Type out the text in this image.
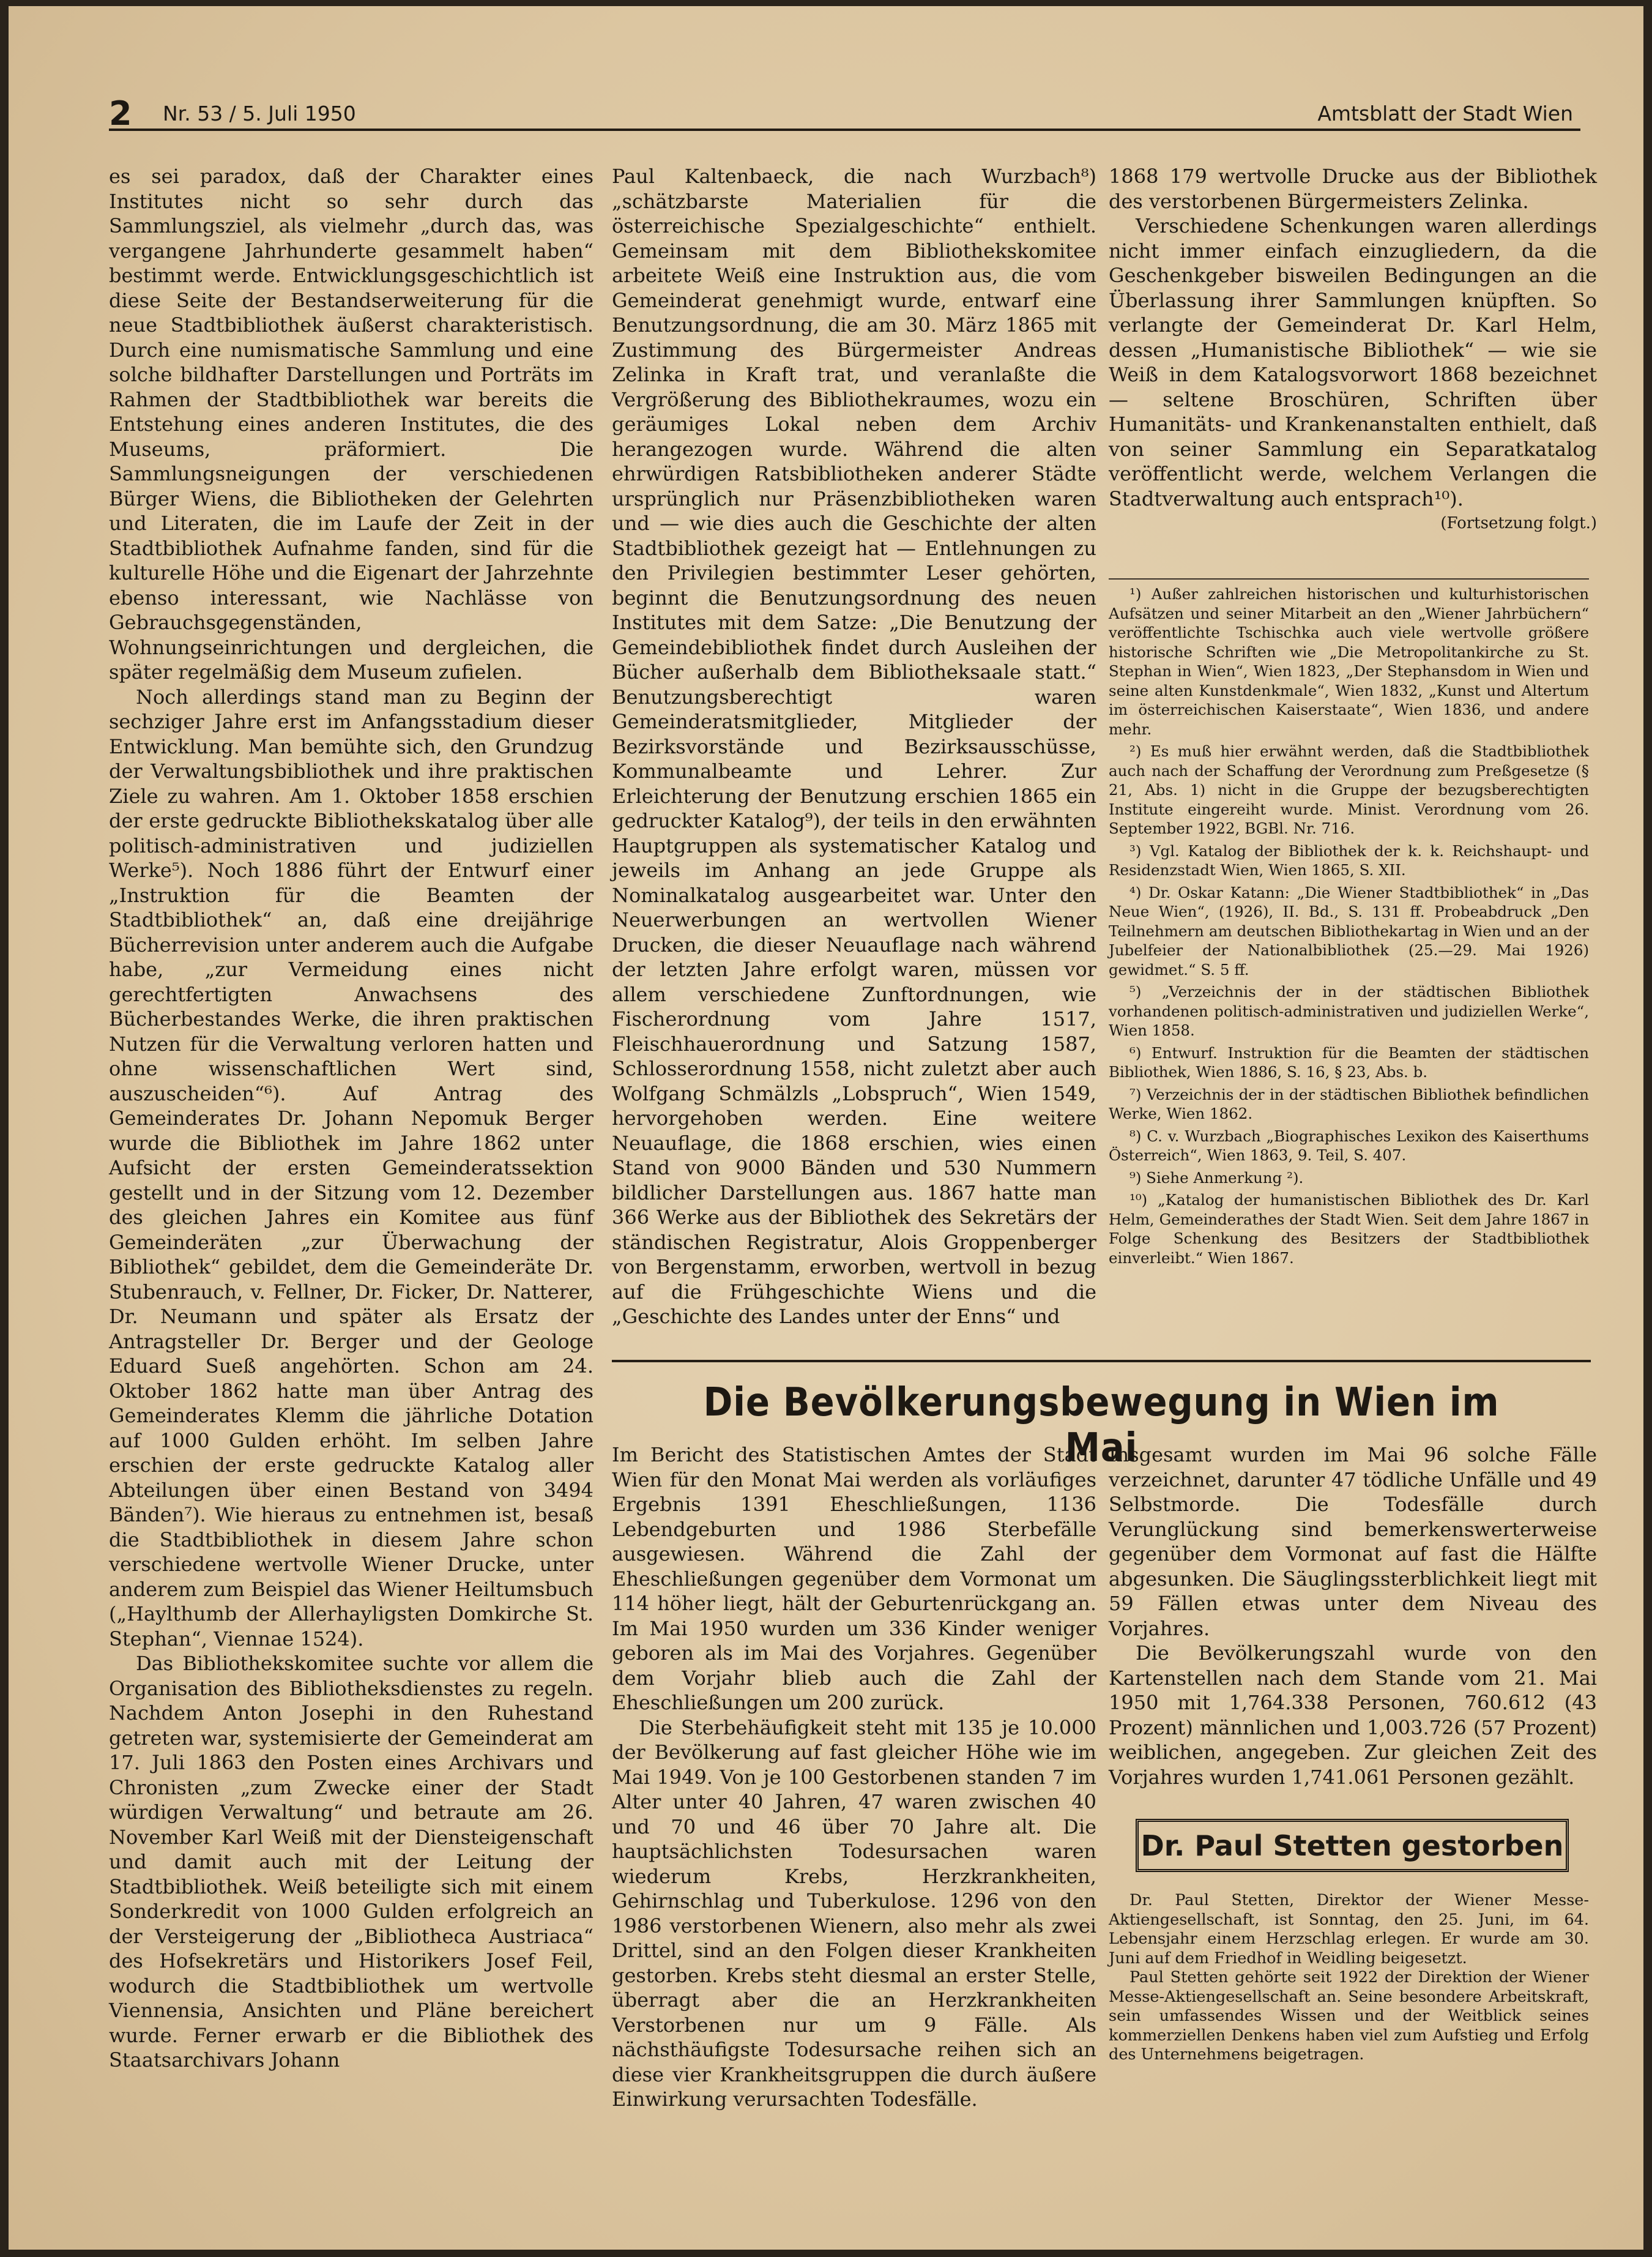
2 Nr. 53 / 5. Juli 1950	Amtsblatt der Stadt Wien

es sei paradox, daß der Charakter eines Institutes nicht so sehr durch das Sammlungsziel, als vielmehr „durch das, was vergangene Jahrhunderte gesammelt haben“ bestimmt werde. Entwicklungsgeschichtlich ist diese Seite der Bestandserweiterung für die neue Stadtbibliothek äußerst charakteristisch. Durch eine numismatische Sammlung und eine solche bildhafter Darstellungen und Porträts im Rahmen der Stadtbibliothek war bereits die Entstehung eines anderen Institutes, die des Museums, präformiert. Die Sammlungsneigungen der verschiedenen Bürger Wiens, die Bibliotheken der Gelehrten und Literaten, die im Laufe der Zeit in der Stadtbibliothek Aufnahme fanden, sind für die kulturelle Höhe und die Eigenart der Jahrzehnte ebenso interessant, wie Nachlässe von Gebrauchsgegenständen, Wohnungseinrichtungen und dergleichen, die später regelmäßig dem Museum zufielen.

Noch allerdings stand man zu Beginn der sechziger Jahre erst im Anfangsstadium dieser Entwicklung. Man bemühte sich, den Grundzug der Verwaltungsbibliothek und ihre praktischen Ziele zu wahren. Am 1. Oktober 1858 erschien der erste gedruckte Bibliothekskatalog über alle politisch-administrativen und judiziellen Werke⁵). Noch 1886 führt der Entwurf einer „Instruktion für die Beamten der Stadtbibliothek“ an, daß eine dreijährige Bücherrevision unter anderem auch die Aufgabe habe, „zur Vermeidung eines nicht gerechtfertigten Anwachsens des Bücherbestandes Werke, die ihren praktischen Nutzen für die Verwaltung verloren hatten und ohne wissenschaftlichen Wert sind, auszuscheiden“⁶). Auf Antrag des Gemeinderates Dr. Johann Nepomuk Berger wurde die Bibliothek im Jahre 1862 unter Aufsicht der ersten Gemeinderatssektion gestellt und in der Sitzung vom 12. Dezember des gleichen Jahres ein Komitee aus fünf Gemeinderäten „zur Überwachung der Bibliothek“ gebildet, dem die Gemeinderäte Dr. Stubenrauch, v. Fellner, Dr. Ficker, Dr. Natterer, Dr. Neumann und später als Ersatz der Antragsteller Dr. Berger und der Geologe Eduard Sueß angehörten. Schon am 24. Oktober 1862 hatte man über Antrag des Gemeinderates Klemm die jährliche Dotation auf 1000 Gulden erhöht. Im selben Jahre erschien der erste gedruckte Katalog aller Abteilungen über einen Bestand von 3494 Bänden⁷). Wie hieraus zu entnehmen ist, besaß die Stadtbibliothek in diesem Jahre schon verschiedene wertvolle Wiener Drucke, unter anderem zum Beispiel das Wiener Heiltumsbuch („Haylthumb der Allerhayligsten Domkirche St. Stephan“, Viennae 1524).

Das Bibliothekskomitee suchte vor allem die Organisation des Bibliotheksdienstes zu regeln. Nachdem Anton Josephi in den Ruhestand getreten war, systemisierte der Gemeinderat am 17. Juli 1863 den Posten eines Archivars und Chronisten „zum Zwecke einer der Stadt würdigen Verwaltung“ und betraute am 26. November Karl Weiß mit der Diensteigenschaft und damit auch mit der Leitung der Stadtbibliothek. Weiß beteiligte sich mit einem Sonderkredit von 1000 Gulden erfolgreich an der Versteigerung der „Bibliotheca Austriaca“ des Hofsekretärs und Historikers Josef Feil, wodurch die Stadtbibliothek um wertvolle Viennensia, Ansichten und Pläne bereichert wurde. Ferner erwarb er die Bibliothek des Staatsarchivars Johann

Paul Kaltenbaeck, die nach Wurzbach⁸) „schätzbarste Materialien für die österreichische Spezialgeschichte“ enthielt. Gemeinsam mit dem Bibliothekskomitee arbeitete Weiß eine Instruktion aus, die vom Gemeinderat genehmigt wurde, entwarf eine Benutzungsordnung, die am 30. März 1865 mit Zustimmung des Bürgermeister Andreas Zelinka in Kraft trat, und veranlaßte die Vergrößerung des Bibliothekraumes, wozu ein geräumiges Lokal neben dem Archiv herangezogen wurde. Während die alten ehrwürdigen Ratsbibliotheken anderer Städte ursprünglich nur Präsenzbibliotheken waren und — wie dies auch die Geschichte der alten Stadtbibliothek gezeigt hat — Entlehnungen zu den Privilegien bestimmter Leser gehörten, beginnt die Benutzungsordnung des neuen Institutes mit dem Satze: „Die Benutzung der Gemeindebibliothek findet durch Ausleihen der Bücher außerhalb dem Bibliotheksaale statt.“ Benutzungsberechtigt waren Gemeinderatsmitglieder, Mitglieder der Bezirksvorstände und Bezirksausschüsse, Kommunalbeamte und Lehrer. Zur Erleichterung der Benutzung erschien 1865 ein gedruckter Katalog⁹), der teils in den erwähnten Hauptgruppen als systematischer Katalog und jeweils im Anhang an jede Gruppe als Nominalkatalog ausgearbeitet war. Unter den Neuerwerbungen an wertvollen Wiener Drucken, die dieser Neuauflage nach während der letzten Jahre erfolgt waren, müssen vor allem verschiedene Zunftordnungen, wie Fischerordnung vom Jahre 1517, Fleischhauerordnung und Satzung 1587, Schlosserordnung 1558, nicht zuletzt aber auch Wolfgang Schmälzls „Lobspruch“, Wien 1549, hervorgehoben werden. Eine weitere Neuauflage, die 1868 erschien, wies einen Stand von 9000 Bänden und 530 Nummern bildlicher Darstellungen aus. 1867 hatte man 366 Werke aus der Bibliothek des Sekretärs der ständischen Registratur, Alois Groppenberger von Bergenstamm, erworben, wertvoll in bezug auf die Frühgeschichte Wiens und die „Geschichte des Landes unter der Enns“ und

1868 179 wertvolle Drucke aus der Bibliothek des verstorbenen Bürgermeisters Zelinka.

Verschiedene Schenkungen waren allerdings nicht immer einfach einzugliedern, da die Geschenkgeber bisweilen Bedingungen an die Überlassung ihrer Sammlungen knüpften. So verlangte der Gemeinderat Dr. Karl Helm, dessen „Humanistische Bibliothek“ — wie sie Weiß in dem Katalogsvorwort 1868 bezeichnet — seltene Broschüren, Schriften über Humanitäts- und Krankenanstalten enthielt, daß von seiner Sammlung ein Separatkatalog veröffentlicht werde, welchem Verlangen die Stadtverwaltung auch entsprach¹⁰).

(Fortsetzung folgt.)

¹) Außer zahlreichen historischen und kulturhistorischen Aufsätzen und seiner Mitarbeit an den „Wiener Jahrbüchern“ veröffentlichte Tschischka auch viele wertvolle größere historische Schriften wie „Die Metropolitankirche zu St. Stephan in Wien“, Wien 1823, „Der Stephansdom in Wien und seine alten Kunstdenkmale“, Wien 1832, „Kunst und Altertum im österreichischen Kaiserstaate“, Wien 1836, und andere mehr.

²) Es muß hier erwähnt werden, daß die Stadtbibliothek auch nach der Schaffung der Verordnung zum Preßgesetze (§ 21, Abs. 1) nicht in die Gruppe der bezugsberechtigten Institute eingereiht wurde. Minist. Verordnung vom 26. September 1922, BGBl. Nr. 716.

³) Vgl. Katalog der Bibliothek der k. k. Reichshaupt- und Residenzstadt Wien, Wien 1865, S. XII.

⁴) Dr. Oskar Katann: „Die Wiener Stadtbibliothek“ in „Das Neue Wien“, (1926), II. Bd., S. 131 ff. Probeabdruck „Den Teilnehmern am deutschen Bibliothekartag in Wien und an der Jubelfeier der Nationalbibliothek (25.—29. Mai 1926) gewidmet.“ S. 5 ff.

⁵) „Verzeichnis der in der städtischen Bibliothek vorhandenen politisch-administrativen und judiziellen Werke“, Wien 1858.

⁶) Entwurf. Instruktion für die Beamten der städtischen Bibliothek, Wien 1886, S. 16, § 23, Abs. b.

⁷) Verzeichnis der in der städtischen Bibliothek befindlichen Werke, Wien 1862.

⁸) C. v. Wurzbach „Biographisches Lexikon des Kaiserthums Österreich“, Wien 1863, 9. Teil, S. 407.

⁹) Siehe Anmerkung ²).

¹⁰) „Katalog der humanistischen Bibliothek des Dr. Karl Helm, Gemeinderathes der Stadt Wien. Seit dem Jahre 1867 in Folge Schenkung des Besitzers der Stadtbibliothek einverleibt.“ Wien 1867.

Die Bevölkerungsbewegung in Wien im Mai

Im Bericht des Statistischen Amtes der Stadt Wien für den Monat Mai werden als vorläufiges Ergebnis 1391 Eheschließungen, 1136 Lebendgeburten und 1986 Sterbefälle ausgewiesen. Während die Zahl der Eheschließungen gegenüber dem Vormonat um 114 höher liegt, hält der Geburtenrückgang an. Im Mai 1950 wurden um 336 Kinder weniger geboren als im Mai des Vorjahres. Gegenüber dem Vorjahr blieb auch die Zahl der Eheschließungen um 200 zurück.

Die Sterbehäufigkeit steht mit 135 je 10.000 der Bevölkerung auf fast gleicher Höhe wie im Mai 1949. Von je 100 Gestorbenen standen 7 im Alter unter 40 Jahren, 47 waren zwischen 40 und 70 und 46 über 70 Jahre alt. Die hauptsächlichsten Todesursachen waren wiederum Krebs, Herzkrankheiten, Gehirnschlag und Tuberkulose. 1296 von den 1986 verstorbenen Wienern, also mehr als zwei Drittel, sind an den Folgen dieser Krankheiten gestorben. Krebs steht diesmal an erster Stelle, überragt aber die an Herzkrankheiten Verstorbenen nur um 9 Fälle. Als nächsthäufigste Todesursache reihen sich an diese vier Krankheitsgruppen die durch äußere Einwirkung verursachten Todesfälle.

Insgesamt wurden im Mai 96 solche Fälle verzeichnet, darunter 47 tödliche Unfälle und 49 Selbstmorde. Die Todesfälle durch Verunglückung sind bemerkenswerterweise gegenüber dem Vormonat auf fast die Hälfte abgesunken. Die Säuglingssterblichkeit liegt mit 59 Fällen etwas unter dem Niveau des Vorjahres.

Die Bevölkerungszahl wurde von den Kartenstellen nach dem Stande vom 21. Mai 1950 mit 1,764.338 Personen, 760.612 (43 Prozent) männlichen und 1,003.726 (57 Prozent) weiblichen, angegeben. Zur gleichen Zeit des Vorjahres wurden 1,741.061 Personen gezählt.

Dr. Paul Stetten gestorben

Dr. Paul Stetten, Direktor der Wiener Messe-Aktiengesellschaft, ist Sonntag, den 25. Juni, im 64. Lebensjahr einem Herzschlag erlegen. Er wurde am 30. Juni auf dem Friedhof in Weidling beigesetzt.

Paul Stetten gehörte seit 1922 der Direktion der Wiener Messe-Aktiengesellschaft an. Seine besondere Arbeitskraft, sein umfassendes Wissen und der Weitblick seines kommerziellen Denkens haben viel zum Aufstieg und Erfolg des Unternehmens beigetragen.
